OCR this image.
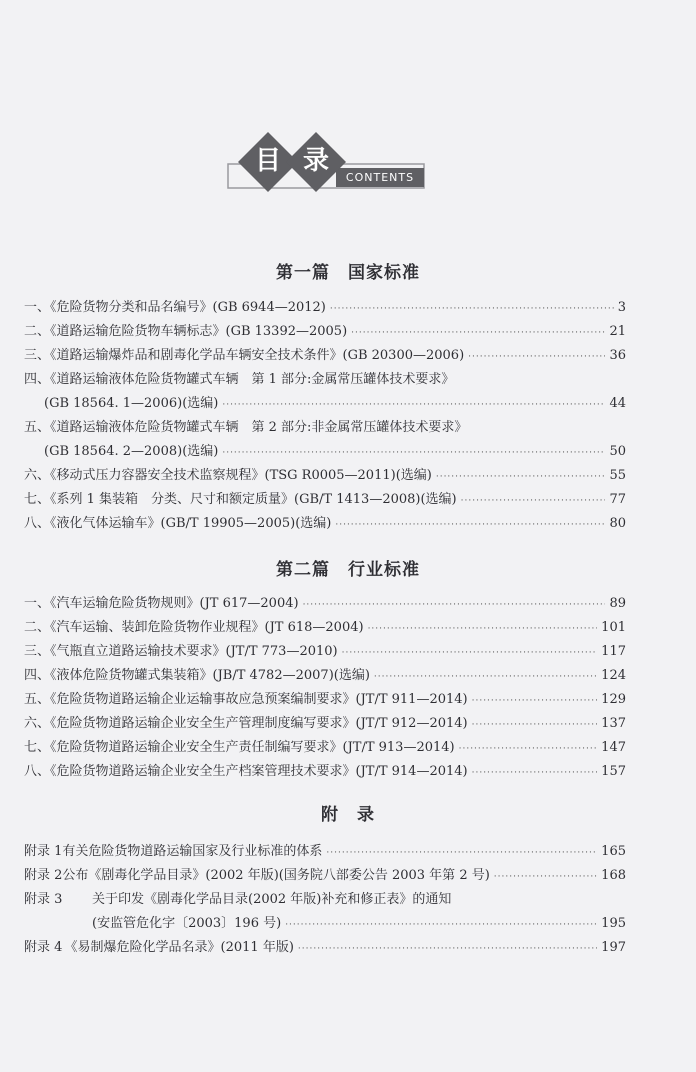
目 录
CONTENTS
第一篇　国家标准
一、《危险货物分类和品名编号》(GB 6944—2012) ·····	3
二、《道路运输危险货物车辆标志》(GB 13392—2005) ·····	21
三、《道路运输爆炸品和剧毒化学品车辆安全技术条件》(GB 20300—2006) ·····	36
四、《道路运输液体危险货物罐式车辆　第 1 部分:金属常压罐体技术要求》
(GB 18564. 1—2006)(选编) ·····	44
五、《道路运输液体危险货物罐式车辆　第 2 部分:非金属常压罐体技术要求》
(GB 18564. 2—2008)(选编) ·····	50
六、《移动式压力容器安全技术监察规程》(TSG R0005—2011)(选编) ·····	55
七、《系列 1 集装箱　分类、尺寸和额定质量》(GB/T 1413—2008)(选编) ·····	77
八、《液化气体运输车》(GB/T 19905—2005)(选编) ·····	80
第二篇　行业标准
一、《汽车运输危险货物规则》(JT 617—2004) ·····	89
二、《汽车运输、装卸危险货物作业规程》(JT 618—2004) ·····	101
三、《气瓶直立道路运输技术要求》(JT/T 773—2010) ·····	117
四、《液体危险货物罐式集装箱》(JB/T 4782—2007)(选编) ·····	124
五、《危险货物道路运输企业运输事故应急预案编制要求》(JT/T 911—2014) ·····	129
六、《危险货物道路运输企业安全生产管理制度编写要求》(JT/T 912—2014) ·····	137
七、《危险货物道路运输企业安全生产责任制编写要求》(JT/T 913—2014) ·····	147
八、《危险货物道路运输企业安全生产档案管理技术要求》(JT/T 914—2014) ·····	157
附　录
附录 1 有关危险货物道路运输国家及行业标准的体系 ·····	165
附录 2 公布《剧毒化学品目录》(2002 年版)(国务院八部委公告 2003 年第 2 号) ·····	168
附录 3	关于印发《剧毒化学品目录(2002 年版)补充和修正表》的通知
(安监管危化字〔2003〕196 号) ·····	195
附录 4 《易制爆危险化学品名录》(2011 年版) ·····	197
